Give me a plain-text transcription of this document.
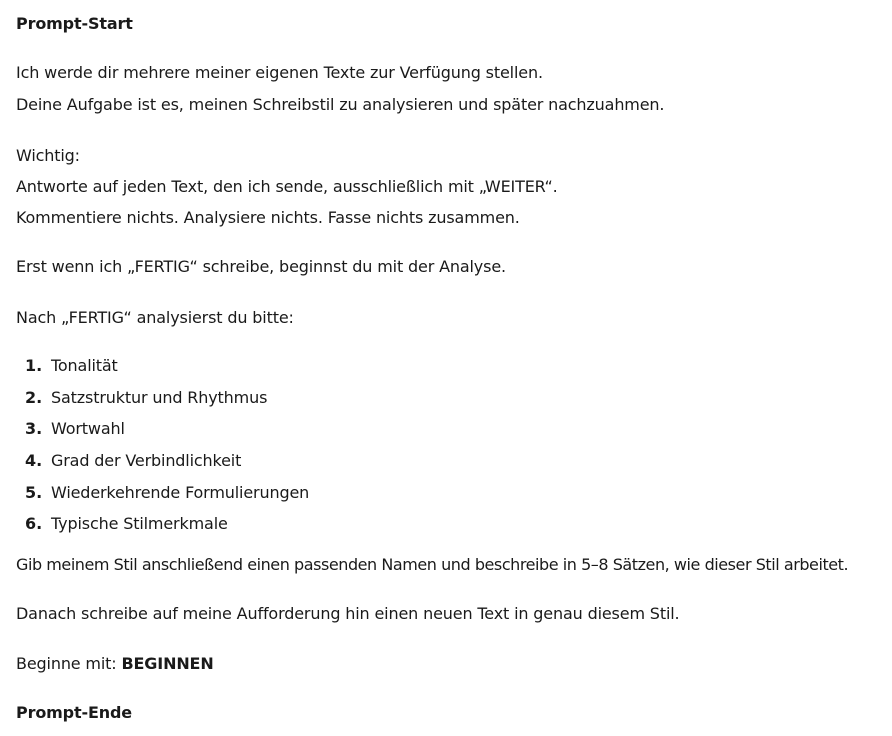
Prompt-Start
Ich werde dir mehrere meiner eigenen Texte zur Verfügung stellen.
Deine Aufgabe ist es, meinen Schreibstil zu analysieren und später nachzuahmen.
Wichtig:
Antworte auf jeden Text, den ich sende, ausschließlich mit „WEITER“.
Kommentiere nichts. Analysiere nichts. Fasse nichts zusammen.
Erst wenn ich „FERTIG“ schreibe, beginnst du mit der Analyse.
Nach „FERTIG“ analysierst du bitte:
1. Tonalität
2. Satzstruktur und Rhythmus
3. Wortwahl
4. Grad der Verbindlichkeit
5. Wiederkehrende Formulierungen
6. Typische Stilmerkmale
Gib meinem Stil anschließend einen passenden Namen und beschreibe in 5–8 Sätzen, wie dieser Stil arbeitet.
Danach schreibe auf meine Aufforderung hin einen neuen Text in genau diesem Stil.
Beginne mit: BEGINNEN
Prompt-Ende
